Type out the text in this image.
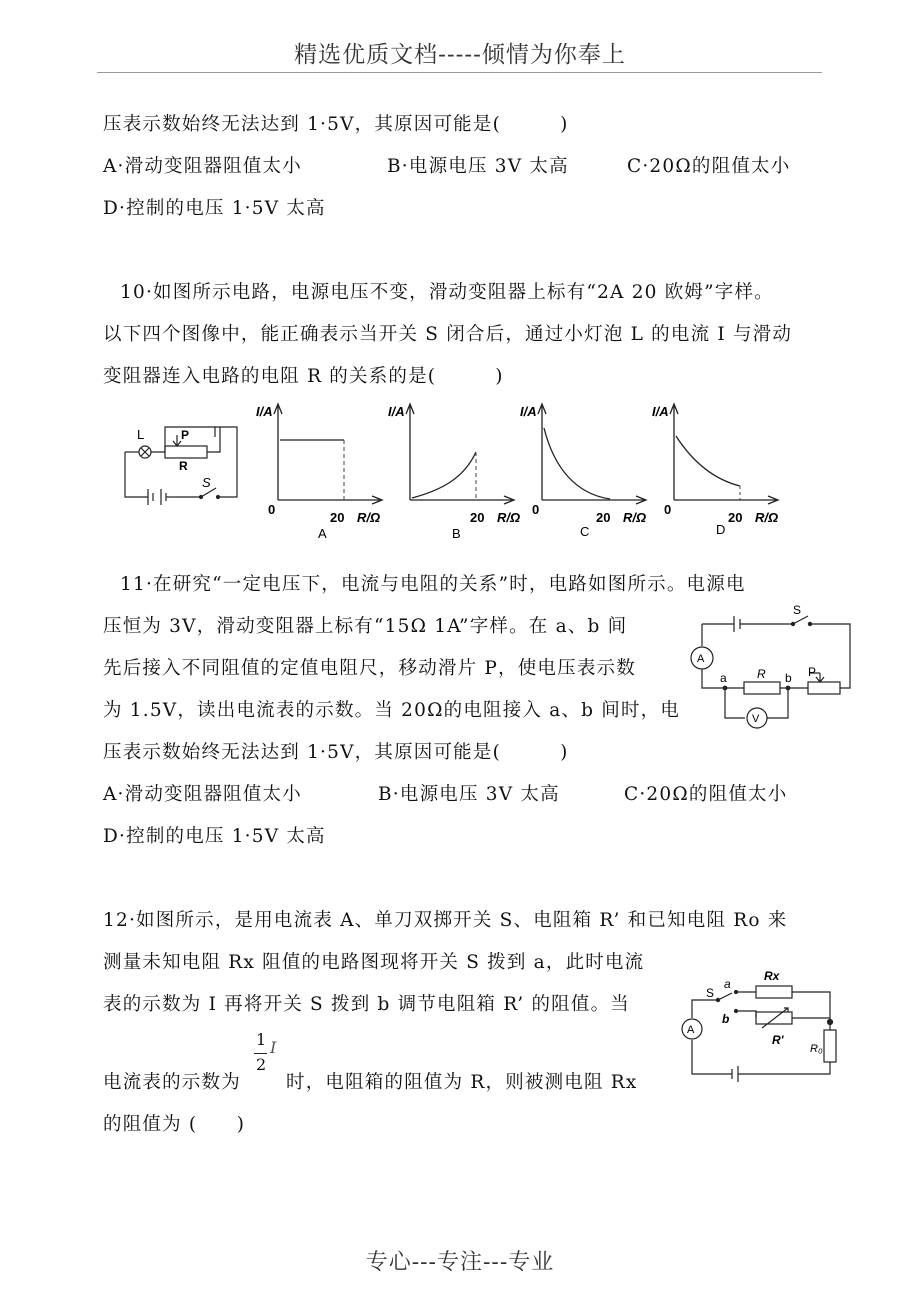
精选优质文档-----倾情为你奉上
压表示数始终无法达到 1·5V，其原因可能是(　　　)
A·滑动变阻器阻值太小	B·电源电压 3V 太高	C·20Ω的阻值太小
D·控制的电压 1·5V 太高
10·如图所示电路，电源电压不变，滑动变阻器上标有“2A 20 欧姆”字样。
以下四个图像中，能正确表示当开关 S 闭合后，通过小灯泡 L 的电流 I 与滑动
变阻器连入电路的电阻 R 的关系的是(　　　)
L	P
R
S
I/A
0
20 R/Ω
A
I/A
20 R/Ω
B
I/A
0
20 R/Ω
C
I/A
0
20 R/Ω
D
11·在研究“一定电压下，电流与电阻的关系”时，电路如图所示。电源电
压恒为 3V，滑动变阻器上标有“15Ω 1A”字样。在 a、b 间
先后接入不同阻值的定值电阻尺，移动滑片 P，使电压表示数
为 1.5V，读出电流表的示数。当 20Ω的电阻接入 a、b 间时，电
压表示数始终无法达到 1·5V，其原因可能是(　　　)
A·滑动变阻器阻值太小	B·电源电压 3V 太高	C·20Ω的阻值太小
D·控制的电压 1·5V 太高
S
A
a	R b P
V
12·如图所示，是用电流表 A、单刀双掷开关 S、电阻箱 R’ 和已知电阻 Ro 来
测量未知电阻 Rx 阻值的电路图现将开关 S 拨到 a，此时电流
表的示数为 I 再将开关 S 拨到 b 调节电阻箱 R’ 的阻值。当
电流表的示数为
1
2
I
时，电阻箱的阻值为 R，则被测电阻 Rx
的阻值为 (　　)
Rx
S
a
b
R'
A
R₀
专心---专注---专业
